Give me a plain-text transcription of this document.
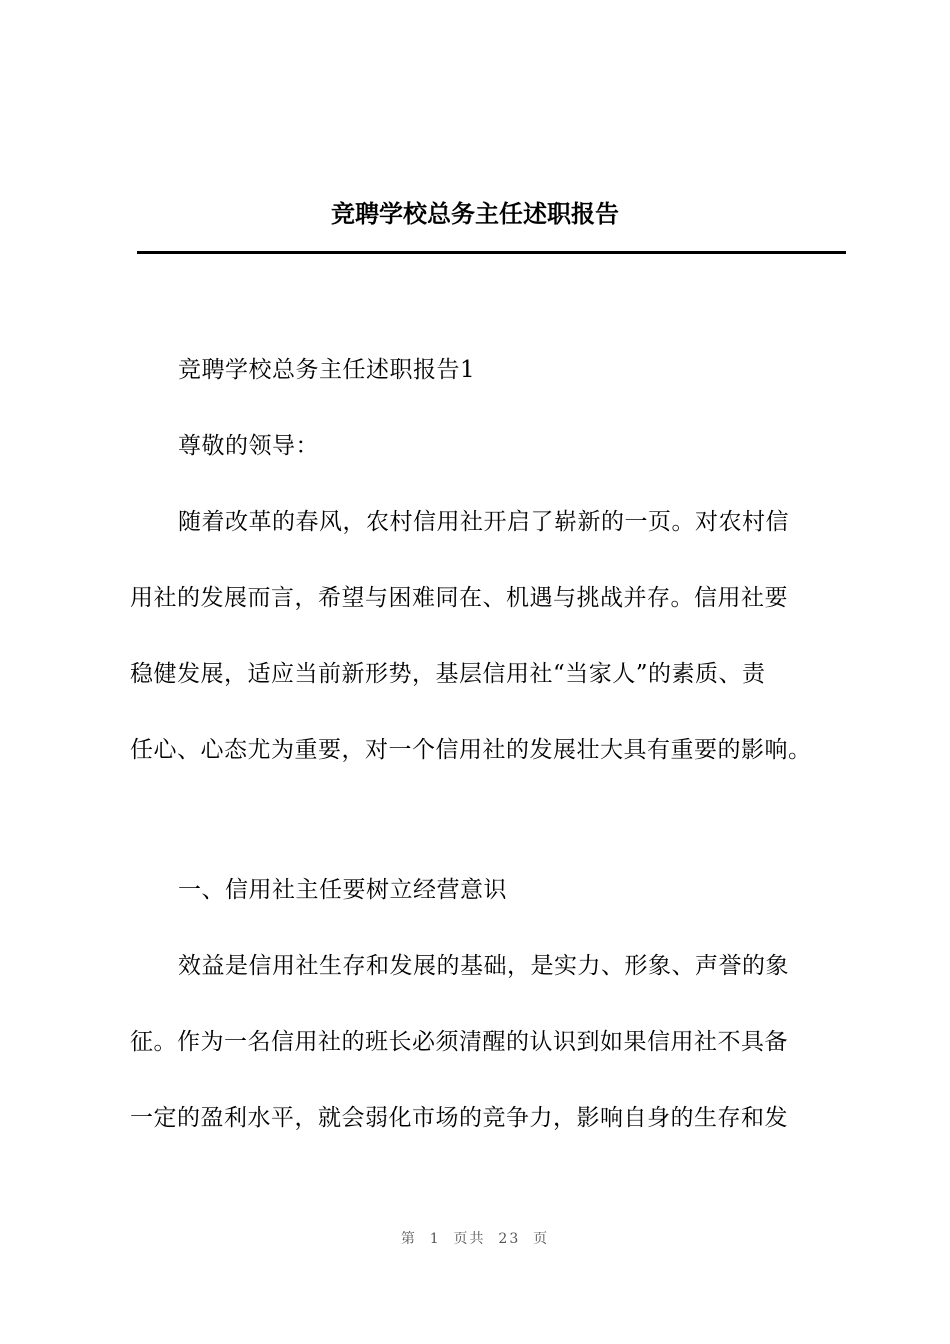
竞聘学校总务主任述职报告
竞聘学校总务主任述职报告1
尊敬的领导：
随着改革的春风，农村信用社开启了崭新的一页。对农村信
用社的发展而言，希望与困难同在、机遇与挑战并存。信用社要
稳健发展，适应当前新形势，基层信用社“当家人”的素质、责
任心、心态尤为重要，对一个信用社的发展壮大具有重要的影响。
一、信用社主任要树立经营意识
效益是信用社生存和发展的基础，是实力、形象、声誉的象
征。作为一名信用社的班长必须清醒的认识到如果信用社不具备
一定的盈利水平，就会弱化市场的竞争力，影响自身的生存和发
第  1  页共  23  页
